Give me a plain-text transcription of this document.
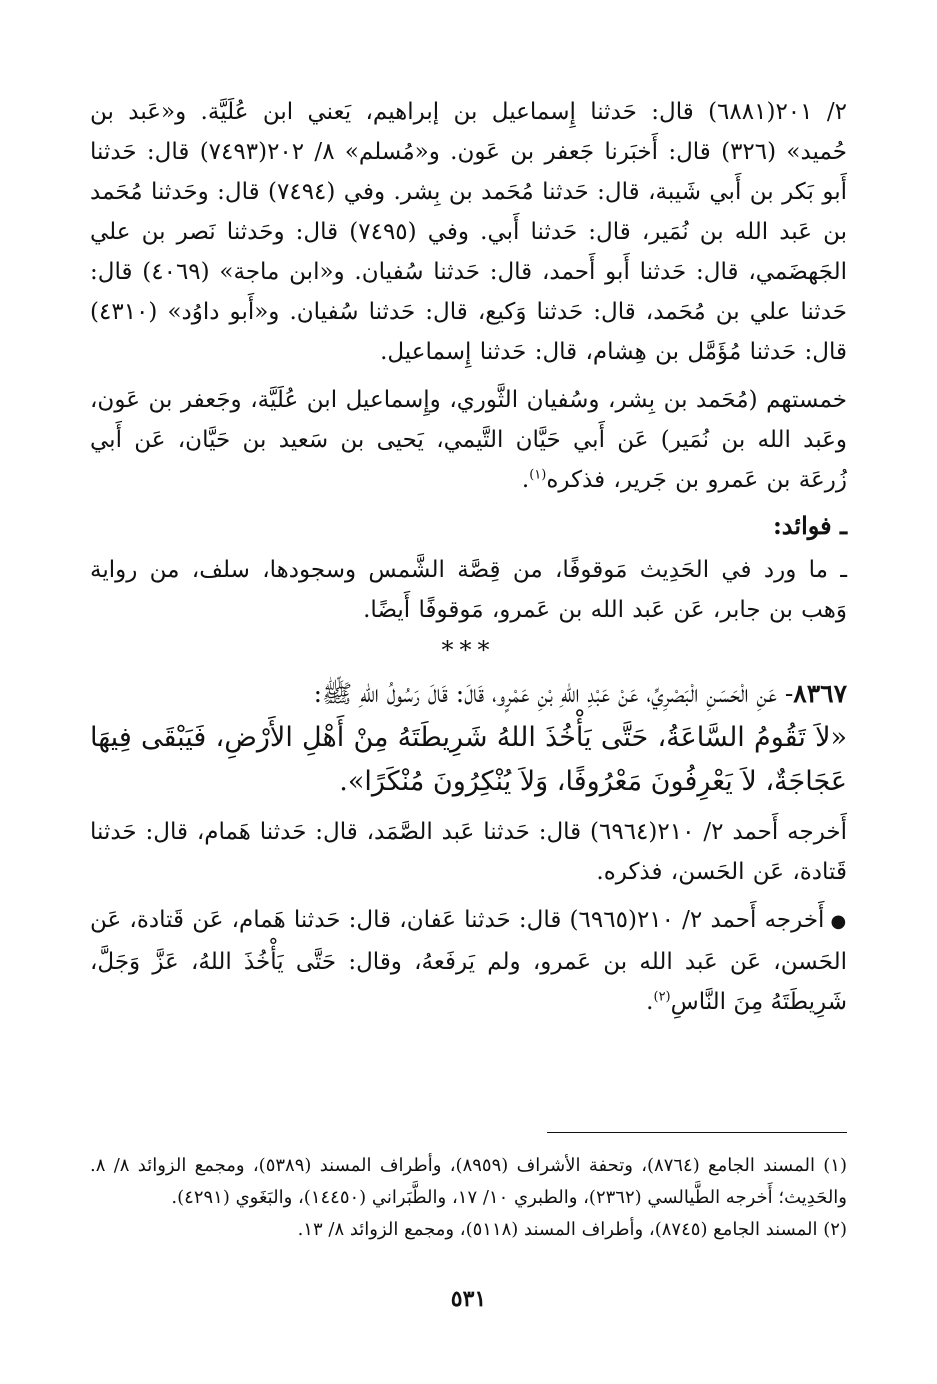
٢/ ٢٠١(٦٨٨١) قال: حَدثنا إِسماعيل بن إبراهيم، يَعني ابن عُلَيَّة. و«عَبد بن حُميد» (٣٢٦) قال: أَخبَرنا جَعفر بن عَون. و«مُسلم» ٨/ ٢٠٢(٧٤٩٣) قال: حَدثنا أَبو بَكر بن أَبي شَيبة، قال: حَدثنا مُحَمد بن بِشر. وفي (٧٤٩٤) قال: وحَدثنا مُحَمد بن عَبد الله بن نُمَير، قال: حَدثنا أَبي. وفي (٧٤٩٥) قال: وحَدثنا نَصر بن علي الجَهضَمي، قال: حَدثنا أَبو أَحمد، قال: حَدثنا سُفيان. و«ابن ماجة» (٤٠٦٩) قال: حَدثنا علي بن مُحَمد، قال: حَدثنا وَكيع، قال: حَدثنا سُفيان. و«أَبو داوُد» (٤٣١٠) قال: حَدثنا مُؤَمَّل بن هِشام، قال: حَدثنا إِسماعيل.

خمستهم (مُحَمد بن بِشر، وسُفيان الثَّوري، وإِسماعيل ابن عُلَيَّة، وجَعفر بن عَون، وعَبد الله بن نُمَير) عَن أَبي حَيَّان التَّيمي، يَحيى بن سَعيد بن حَيَّان، عَن أَبي زُرعَة بن عَمرو بن جَرير، فذكره$^{(١)}$.

ـ فوائد:

ـ ما ورد في الحَدِيث مَوقوفًا، من قِصَّة الشَّمس وسجودها، سلف، من رواية وَهب بن جابر، عَن عَبد الله بن عَمرو، مَوقوفًا أَيضًا.

***

٨٣٦٧- عَنِ الْحَسَنِ الْبَصْرِيِّ، عَنْ عَبْدِ اللهِ بْنِ عَمْرٍو، قَالَ: قَالَ رَسُولُ اللهِ ﷺ:

«لاَ تَقُومُ السَّاعَةُ، حَتَّى يَأْخُذَ اللهُ شَرِيطَتَهُ مِنْ أَهْلِ الأَرْضِ، فَيَبْقَى فِيهَا عَجَاجَةٌ، لاَ يَعْرِفُونَ مَعْرُوفًا، وَلاَ يُنْكِرُونَ مُنْكَرًا».

أَخرجه أَحمد ٢/ ٢١٠(٦٩٦٤) قال: حَدثنا عَبد الصَّمَد، قال: حَدثنا هَمام، قال: حَدثنا قَتادة، عَن الحَسن، فذكره.

●أَخرجه أَحمد ٢/ ٢١٠(٦٩٦٥) قال: حَدثنا عَفان، قال: حَدثنا هَمام، عَن قَتادة، عَن الحَسن، عَن عَبد الله بن عَمرو، ولم يَرفَعهُ، وقال: حَتَّى يَأْخُذَ اللهُ، عَزَّ وَجَلَّ، شَرِيطَتَهُ مِنَ النَّاسِ$^{(٢)}$.

(١) المسند الجامع (٨٧٦٤)، وتحفة الأشراف (٨٩٥٩)، وأطراف المسند (٥٣٨٩)، ومجمع الزوائد ٨/ ٨. والحَدِيث؛ أَخرجه الطَّيالسي (٢٣٦٢)، والطبري ١٠/ ١٧، والطَّبَراني (١٤٤٥٠)، والبَغَوي (٤٢٩١).

(٢) المسند الجامع (٨٧٤٥)، وأطراف المسند (٥١١٨)، ومجمع الزوائد ٨/ ١٣.

٥٣١
